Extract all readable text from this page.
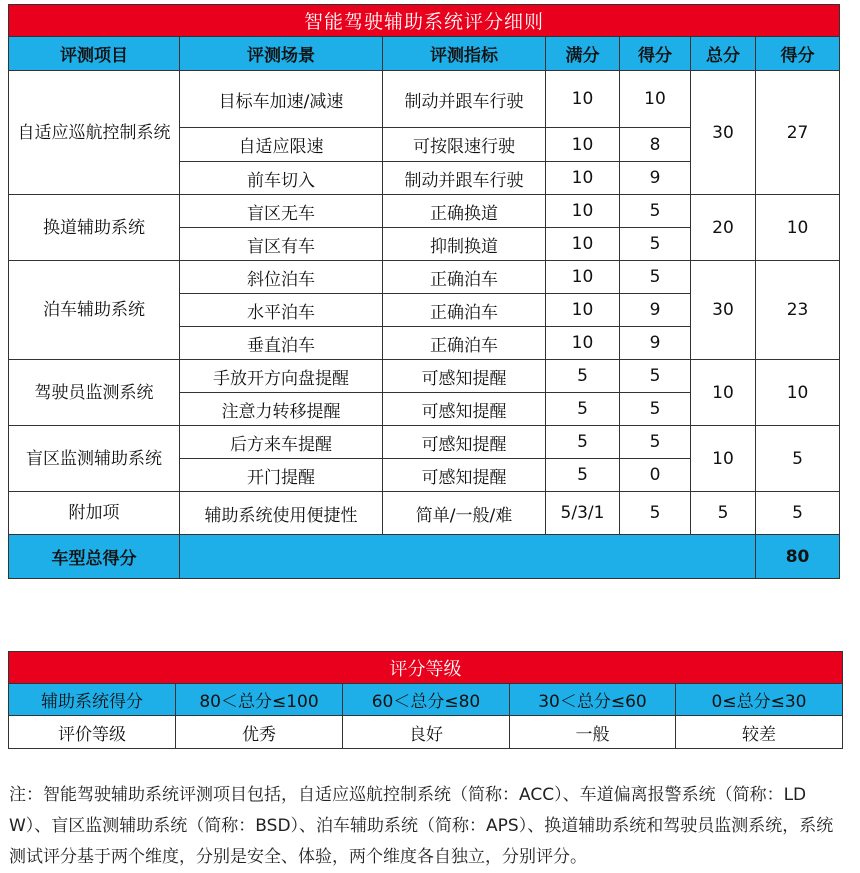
智能驾驶辅助系统评分细则						
评测项目	评测场景	评测指标	满分	得分	总分	得分
自适应巡航控制系统	目标车加速/减速	制动并跟车行驶	10	10	30	27
	自适应限速	可按限速行驶	10	8		
	前车切入	制动并跟车行驶	10	9		
换道辅助系统	盲区无车	正确换道	10	5	20	10
	盲区有车	抑制换道	10	5		
泊车辅助系统	斜位泊车	正确泊车	10	5	30	23
	水平泊车	正确泊车	10	9		
	垂直泊车	正确泊车	10	9		
驾驶员监测系统	手放开方向盘提醒	可感知提醒	5	5	10	10
	注意力转移提醒	可感知提醒	5	5		
盲区监测辅助系统	后方来车提醒	可感知提醒	5	5	10	5
	开门提醒	可感知提醒	5	0		
附加项	辅助系统使用便捷性	简单/一般/难	5/3/1	5	5	5
车型总得分						80
评分等级				
辅助系统得分	80＜总分≤100	60＜总分≤80	30＜总分≤60	0≤总分≤30
评价等级	优秀	良好	一般	较差

注：智能驾驶辅助系统评测项目包括，自适应巡航控制系统（简称：ACC）、车道偏离报警系统（简称：LDW）、盲区监测辅助系统（简称：BSD）、泊车辅助系统（简称：APS）、换道辅助系统和驾驶员监测系统，系统测试评分基于两个维度，分别是安全、体验，两个维度各自独立，分别评分。
